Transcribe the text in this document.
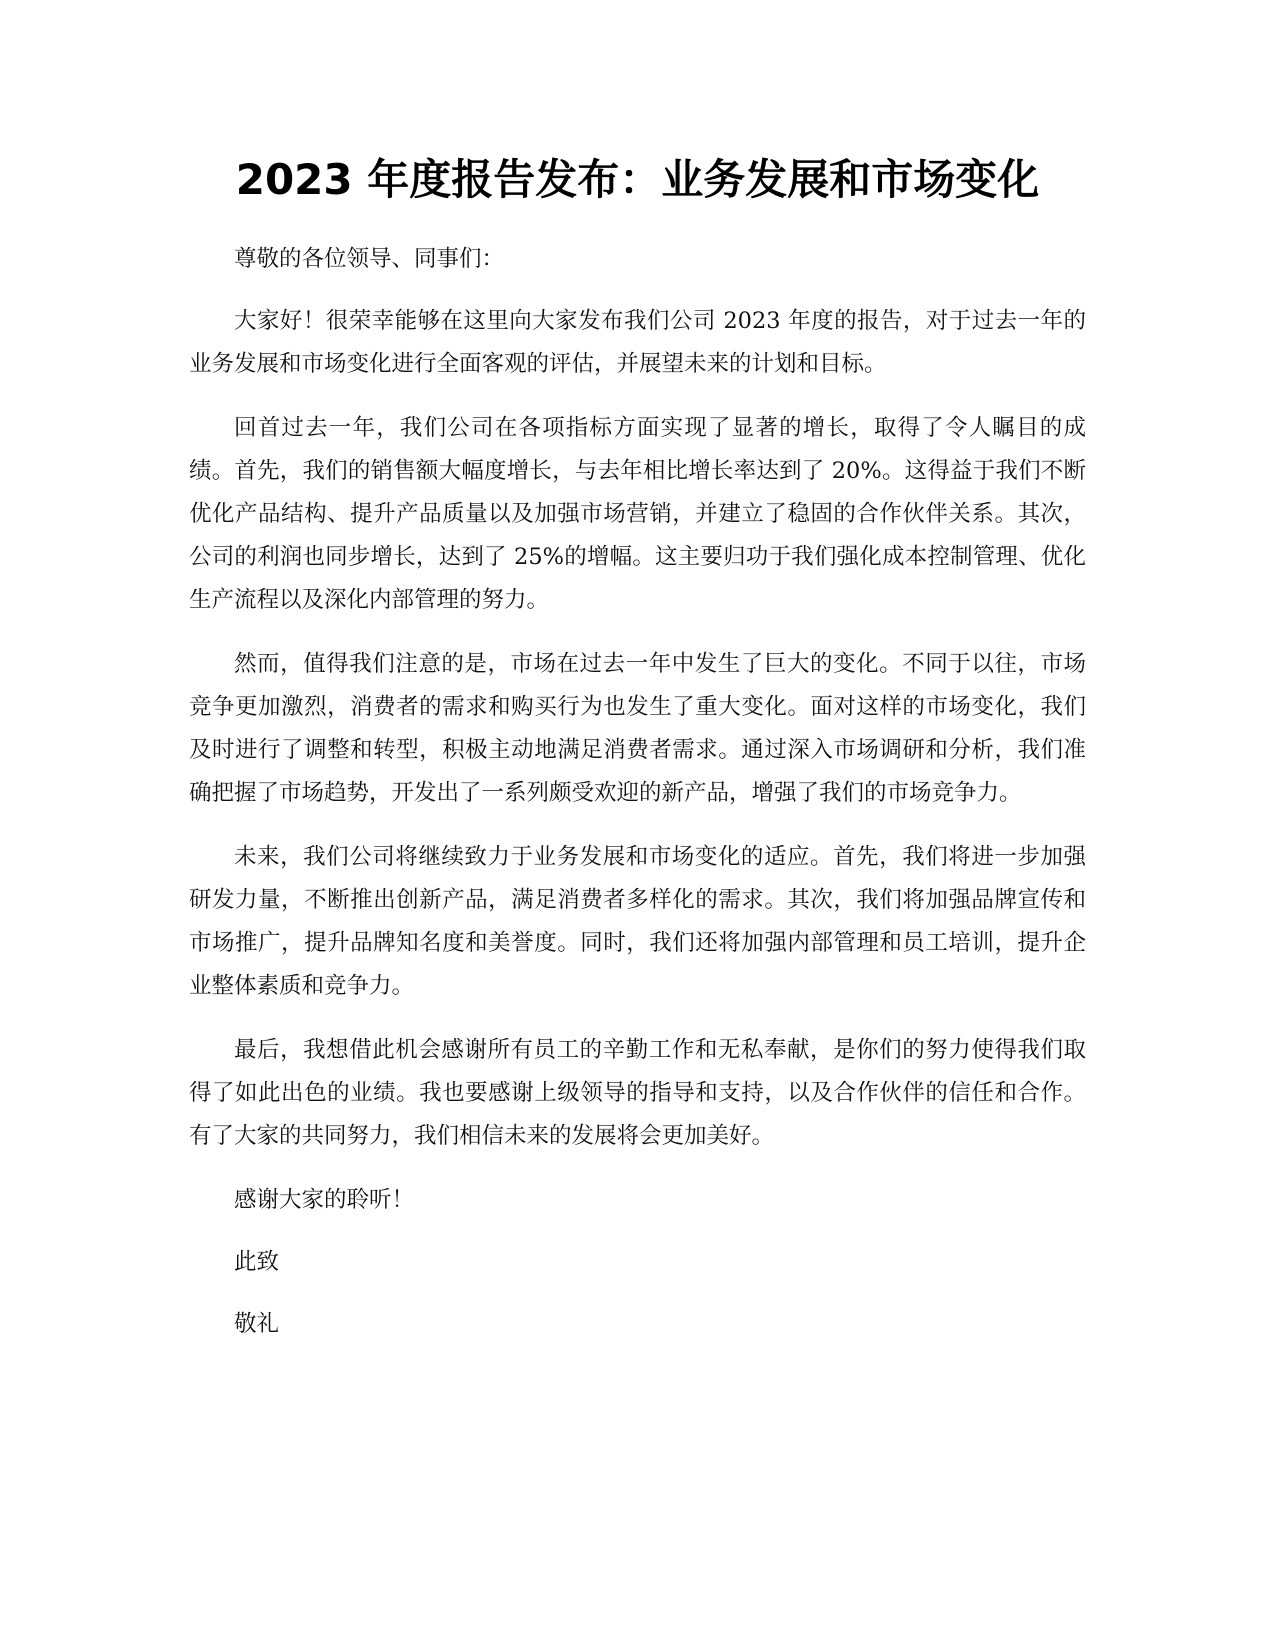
2023 年度报告发布：业务发展和市场变化

尊敬的各位领导、同事们：

大家好！很荣幸能够在这里向大家发布我们公司 2023 年度的报告，对于过去一年的业务发展和市场变化进行全面客观的评估，并展望未来的计划和目标。

回首过去一年，我们公司在各项指标方面实现了显著的增长，取得了令人瞩目的成绩。首先，我们的销售额大幅度增长，与去年相比增长率达到了 20%。这得益于我们不断优化产品结构、提升产品质量以及加强市场营销，并建立了稳固的合作伙伴关系。其次，公司的利润也同步增长，达到了 25%的增幅。这主要归功于我们强化成本控制管理、优化生产流程以及深化内部管理的努力。

然而，值得我们注意的是，市场在过去一年中发生了巨大的变化。不同于以往，市场竞争更加激烈，消费者的需求和购买行为也发生了重大变化。面对这样的市场变化，我们及时进行了调整和转型，积极主动地满足消费者需求。通过深入市场调研和分析，我们准确把握了市场趋势，开发出了一系列颇受欢迎的新产品，增强了我们的市场竞争力。

未来，我们公司将继续致力于业务发展和市场变化的适应。首先，我们将进一步加强研发力量，不断推出创新产品，满足消费者多样化的需求。其次，我们将加强品牌宣传和市场推广，提升品牌知名度和美誉度。同时，我们还将加强内部管理和员工培训，提升企业整体素质和竞争力。

最后，我想借此机会感谢所有员工的辛勤工作和无私奉献，是你们的努力使得我们取得了如此出色的业绩。我也要感谢上级领导的指导和支持，以及合作伙伴的信任和合作。有了大家的共同努力，我们相信未来的发展将会更加美好。

感谢大家的聆听！

此致

敬礼
